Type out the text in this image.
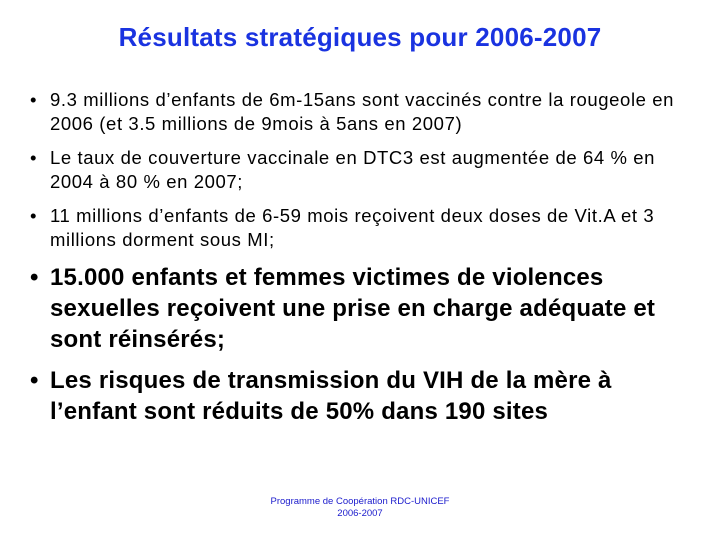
Résultats stratégiques pour 2006-2007
• 9.3 millions d’enfants de 6m-15ans sont vaccinés contre la rougeole en 2006 (et 3.5 millions de 9mois à 5ans en 2007)
• Le taux de couverture vaccinale en DTC3 est augmentée de 64 % en 2004 à 80 % en 2007;
• 11 millions d’enfants de 6-59 mois reçoivent deux doses de Vit.A et 3 millions dorment sous MI;
• 15.000 enfants et femmes victimes de violences sexuelles reçoivent une prise en charge adéquate et sont réinsérés;
• Les risques de transmission du VIH de la mère à l’enfant sont réduits de 50% dans 190 sites
Programme de Coopération RDC-UNICEF
2006-2007
